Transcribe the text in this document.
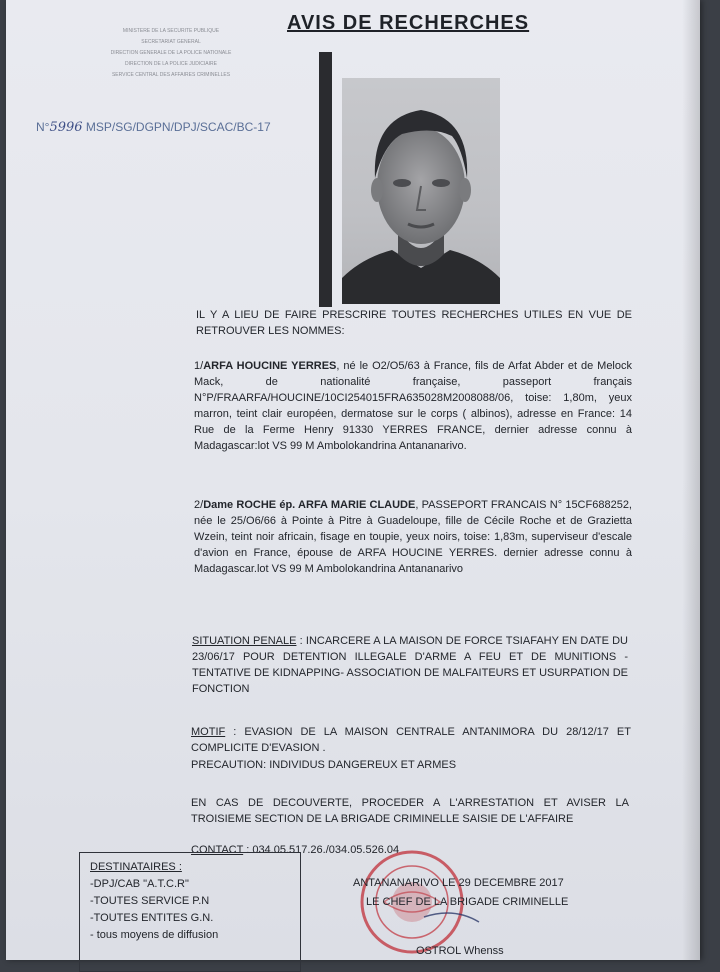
MINISTERE DE LA SECURITE PUBLIQUE
SECRETARIAT GENERAL
DIRECTION GENERALE DE LA POLICE NATIONALE
DIRECTION DE LA POLICE JUDICIAIRE
SERVICE CENTRAL DES AFFAIRES CRIMINELLES
AVIS DE RECHERCHES
N°5996 MSP/SG/DGPN/DPJ/SCAC/BC-17
IL Y A LIEU DE FAIRE PRESCRIRE TOUTES RECHERCHES UTILES EN VUE DE RETROUVER LES NOMMES:
1/ARFA HOUCINE YERRES, né le O2/O5/63 à France, fils de Arfat Abder et de Melock Mack, de nationalité française, passeport français N°P/FRAARFA/HOUCINE/10CI254015FRA635028M2008088/06, toise: 1,80m, yeux marron, teint clair européen, dermatose sur le corps ( albinos), adresse en France: 14 Rue de la Ferme Henry 91330 YERRES FRANCE, dernier adresse connu à Madagascar:lot VS 99 M Ambolokandrina Antananarivo.
2/Dame ROCHE ép. ARFA MARIE CLAUDE, PASSEPORT FRANCAIS N° 15CF688252, née le 25/O6/66 à Pointe à Pitre à Guadeloupe, fille de Cécile Roche et de Grazietta Wzein, teint noir africain, fisage en toupie, yeux noirs, toise: 1,83m, superviseur d'escale d'avion en France, épouse de ARFA HOUCINE YERRES. dernier adresse connu à Madagascar.lot VS 99 M Ambolokandrina Antananarivo
SITUATION PENALE : INCARCERE A LA MAISON DE FORCE TSIAFAHY EN DATE DU 23/06/17 POUR DETENTION ILLEGALE D'ARME A FEU ET DE MUNITIONS - TENTATIVE DE KIDNAPPING- ASSOCIATION DE MALFAITEURS ET USURPATION DE FONCTION
MOTIF : EVASION DE LA MAISON CENTRALE ANTANIMORA DU 28/12/17 ET COMPLICITE D'EVASION .
PRECAUTION: INDIVIDUS DANGEREUX ET ARMES
EN CAS DE DECOUVERTE, PROCEDER A L'ARRESTATION ET AVISER LA TROISIEME SECTION DE LA BRIGADE CRIMINELLE SAISIE DE L'AFFAIRE
CONTACT : 034.05.517.26./034.05.526.04
DESTINATAIRES :
-DPJ/CAB "A.T.C.R"
-TOUTES SERVICE P.N
-TOUTES ENTITES G.N.
- tous moyens de diffusion
ANTANANARIVO LE 29 DECEMBRE 2017
LE CHEF DE LA BRIGADE CRIMINELLE
OSTROL Whenss
